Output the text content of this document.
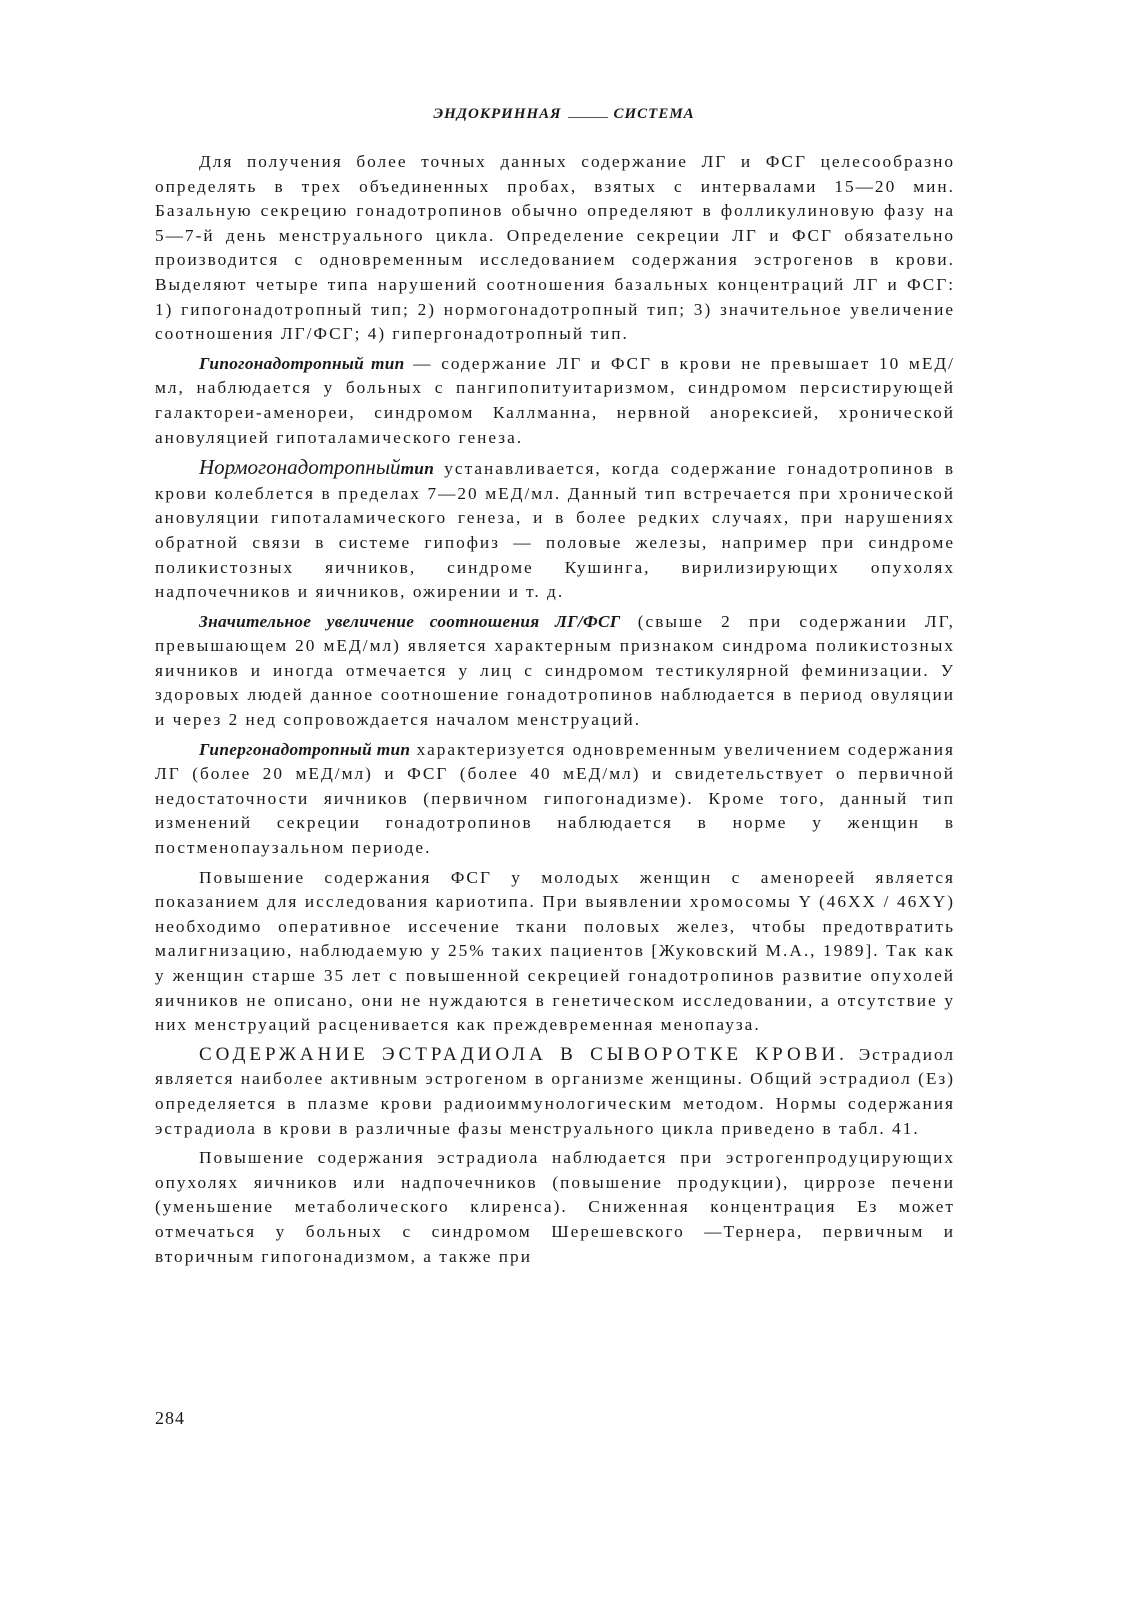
ЭНДОКРИННАЯ	СИСТЕМА

Для получения более точных данных содержание ЛГ и ФСГ целесообразно определять в трех объединенных пробах, взятых с интервалами 15—20 мин. Базальную секрецию гонадотропинов обычно определяют в фолликулиновую фазу на 5—7-й день менструального цикла. Определение секреции ЛГ и ФСГ обязательно производится с одновременным исследованием содержания эстрогенов в крови. Выделяют четыре типа нарушений соотношения базальных концентраций ЛГ и ФСГ: 1) гипогонадотропный тип; 2) нормогонадотропный тип; 3) значительное увеличение соотношения ЛГ/ФСГ; 4) гипергонадотропный тип.

Гипогонадотропный тип — содержание ЛГ и ФСГ в крови не превышает 10 мЕД/мл, наблюдается у больных с пангипопитуитаризмом, синдромом персистирующей галактореи-аменореи, синдромом Каллманна, нервной анорексией, хронической ановуляцией гипоталамического генеза.

Нормогонадотропныйтип устанавливается, когда содержание гонадотропинов в крови колеблется в пределах 7—20 мЕД/мл. Данный тип встречается при хронической ановуляции гипоталамического генеза, и в более редких случаях, при нарушениях обратной связи в системе гипофиз — половые железы, например при синдроме поликистозных яичников, синдроме Кушинга, вирилизирующих опухолях надпочечников и яичников, ожирении и т. д.

Значительное увеличение соотношения ЛГ/ФСГ (свыше 2 при содержании ЛГ, превышающем 20 мЕД/мл) является характерным признаком синдрома поликистозных яичников и иногда отмечается у лиц с синдромом тестикулярной феминизации. У здоровых людей данное соотношение гонадотропинов наблюдается в период овуляции и через 2 нед сопровождается началом менструаций.

Гипергонадотропный тип характеризуется одновременным увеличением содержания ЛГ (более 20 мЕД/мл) и ФСГ (более 40 мЕД/мл) и свидетельствует о первичной недостаточности яичников (первичном гипогонадизме). Кроме того, данный тип изменений секреции гонадотропинов наблюдается в норме у женщин в постменопаузальном периоде.

Повышение содержания ФСГ у молодых женщин с аменореей является показанием для исследования кариотипа. При выявлении хромосомы Y (46XX / 46XY) необходимо оперативное иссечение ткани половых желез, чтобы предотвратить малигнизацию, наблюдаемую у 25% таких пациентов [Жуковский М.А., 1989]. Так как у женщин старше 35 лет с повышенной секрецией гонадотропинов развитие опухолей яичников не описано, они не нуждаются в генетическом исследовании, а отсутствие у них менструаций расценивается как преждевременная менопауза.

СОДЕРЖАНИЕ ЭСТРАДИОЛА В СЫВОРОТКЕ КРОВИ. Эстрадиол является наиболее активным эстрогеном в организме женщины. Общий эстрадиол (Ез) определяется в плазме крови радиоиммунологическим методом. Нормы содержания эстрадиола в крови в различные фазы менструального цикла приведено в табл. 41.

Повышение содержания эстрадиола наблюдается при эстрогенпродуцирующих опухолях яичников или надпочечников (повышение продукции), циррозе печени (уменьшение метаболического клиренса). Сниженная концентрация Ез может отмечаться у больных с синдромом Шерешевского —Тернера, первичным и вторичным гипогонадизмом, а также при

284
